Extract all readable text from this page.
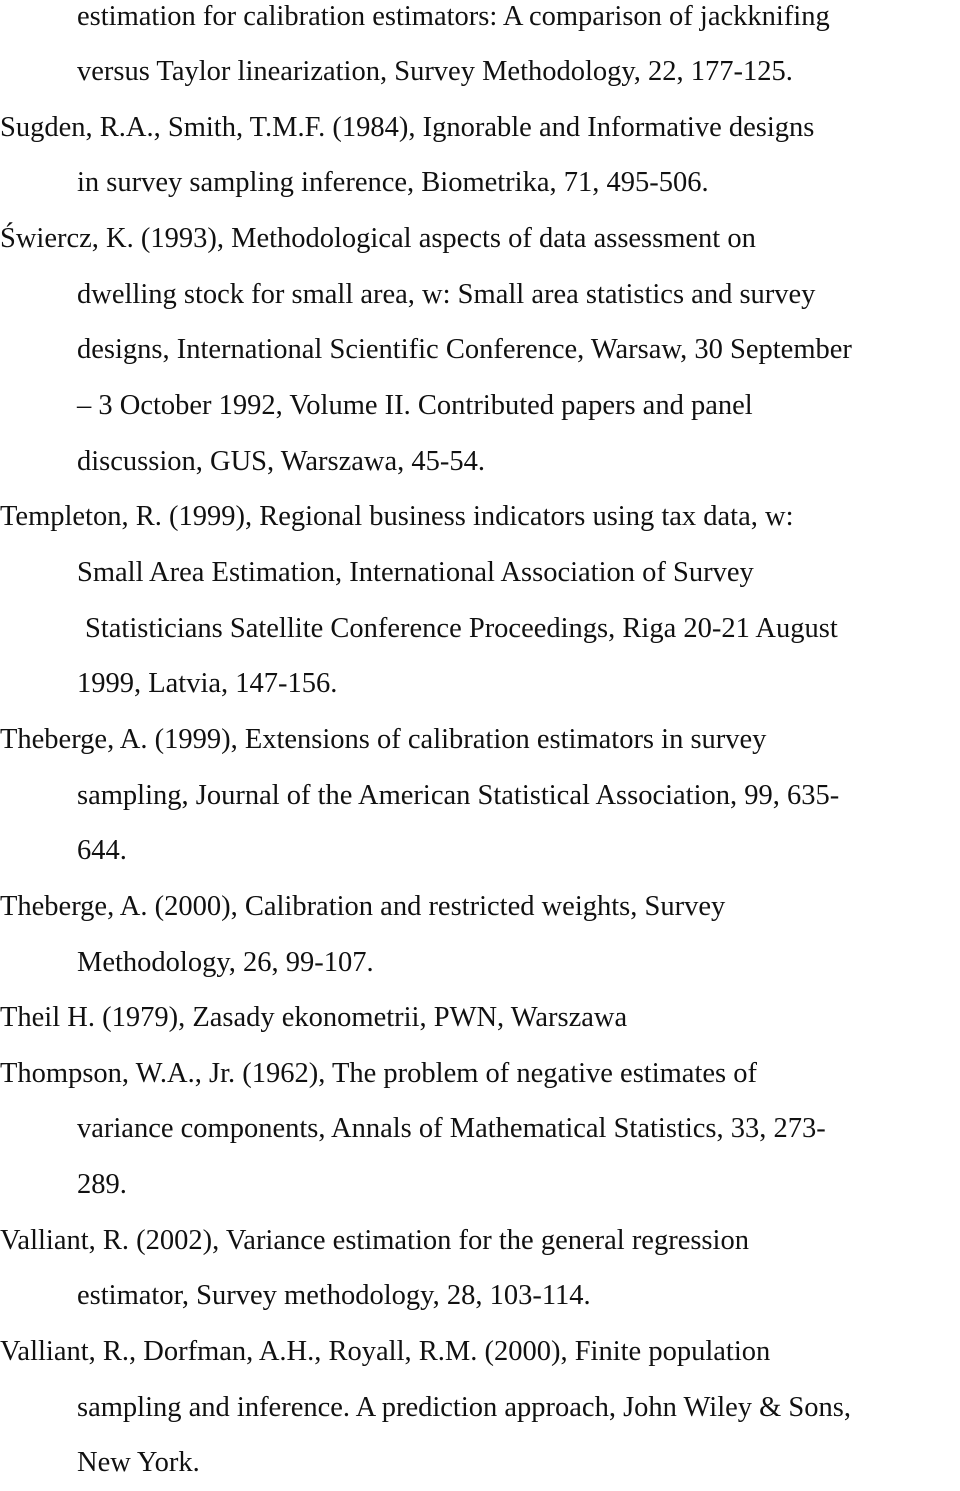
estimation for calibration estimators: A comparison of jackknifing
versus Taylor linearization, Survey Methodology, 22, 177-125.
Sugden, R.A., Smith, T.M.F. (1984), Ignorable and Informative designs
in survey sampling inference, Biometrika, 71, 495-506.
Świercz, K. (1993), Methodological aspects of data assessment on
dwelling stock for small area, w: Small area statistics and survey
designs, International Scientific Conference, Warsaw, 30 September
– 3 October 1992, Volume II. Contributed papers and panel
discussion, GUS, Warszawa, 45-54.
Templeton, R. (1999), Regional business indicators using tax data, w:
Small Area Estimation, International Association of Survey
Statisticians Satellite Conference Proceedings, Riga 20-21 August
1999, Latvia, 147-156.
Theberge, A. (1999), Extensions of calibration estimators in survey
sampling, Journal of the American Statistical Association, 99, 635-
644.
Theberge, A. (2000), Calibration and restricted weights, Survey
Methodology, 26, 99-107.
Theil H. (1979), Zasady ekonometrii, PWN, Warszawa
Thompson, W.A., Jr. (1962), The problem of negative estimates of
variance components, Annals of Mathematical Statistics, 33, 273-
289.
Valliant, R. (2002), Variance estimation for the general regression
estimator, Survey methodology, 28, 103-114.
Valliant, R., Dorfman, A.H., Royall, R.M. (2000), Finite population
sampling and inference. A prediction approach, John Wiley & Sons,
New York.
